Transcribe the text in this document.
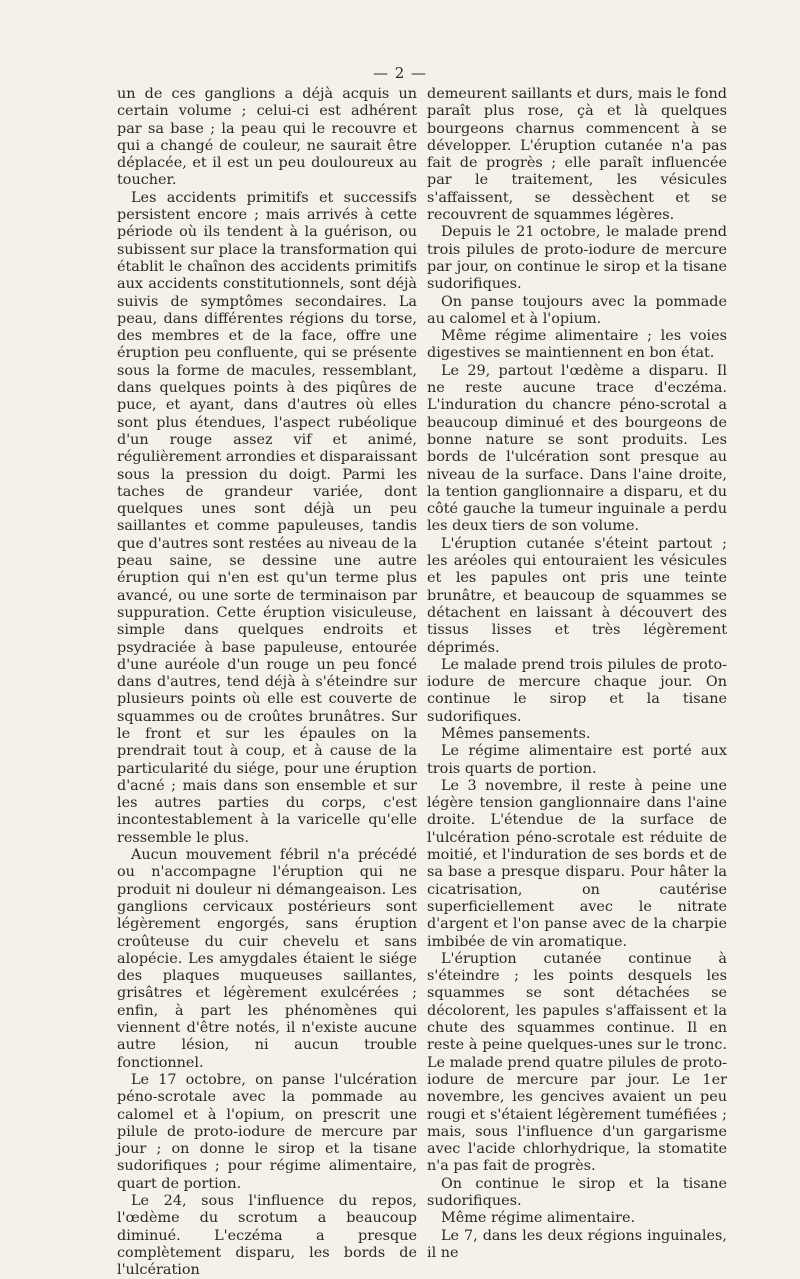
— 2 —

un de ces ganglions a déjà acquis un certain volume ; celui-ci est adhérent par sa base ; la peau qui le recouvre et qui a changé de couleur, ne saurait être déplacée, et il est un peu douloureux au toucher.

Les accidents primitifs et successifs persistent encore ; mais arrivés à cette période où ils tendent à la guérison, ou subissent sur place la transformation qui établit le chaînon des accidents primitifs aux accidents constitutionnels, sont déjà suivis de symptômes secondaires. La peau, dans différentes régions du torse, des membres et de la face, offre une éruption peu confluente, qui se présente sous la forme de macules, ressemblant, dans quelques points à des piqûres de puce, et ayant, dans d'autres où elles sont plus étendues, l'aspect rubéolique d'un rouge assez vif et animé, régulièrement arrondies et disparaissant sous la pression du doigt. Parmi les taches de grandeur variée, dont quelques unes sont déjà un peu saillantes et comme papuleuses, tandis que d'autres sont restées au niveau de la peau saine, se dessine une autre éruption qui n'en est qu'un terme plus avancé, ou une sorte de terminaison par suppuration. Cette éruption visiculeuse, simple dans quelques endroits et psydraciée à base papuleuse, entourée d'une auréole d'un rouge un peu foncé dans d'autres, tend déjà à s'éteindre sur plusieurs points où elle est couverte de squammes ou de croûtes brunâtres. Sur le front et sur les épaules on la prendrait tout à coup, et à cause de la particularité du siége, pour une éruption d'acné ; mais dans son ensemble et sur les autres parties du corps, c'est incontestablement à la varicelle qu'elle ressemble le plus.

Aucun mouvement fébril n'a précédé ou n'accompagne l'éruption qui ne produit ni douleur ni démangeaison. Les ganglions cervicaux postérieurs sont légèrement engorgés, sans éruption croûteuse du cuir chevelu et sans alopécie. Les amygdales étaient le siége des plaques muqueuses saillantes, grisâtres et légèrement exulcérées ; enfin, à part les phénomènes qui viennent d'être notés, il n'existe aucune autre lésion, ni aucun trouble fonctionnel.

Le 17 octobre, on panse l'ulcération péno-scrotale avec la pommade au calomel et à l'opium, on prescrit une pilule de proto-iodure de mercure par jour ; on donne le sirop et la tisane sudorifiques ; pour régime alimentaire, quart de portion.

Le 24, sous l'influence du repos, l'œdème du scrotum a beaucoup diminué. L'eczéma a presque complètement disparu, les bords de l'ulcération

demeurent saillants et durs, mais le fond paraît plus rose, çà et là quelques bourgeons charnus commencent à se développer. L'éruption cutanée n'a pas fait de progrès ; elle paraît influencée par le traitement, les vésicules s'affaissent, se dessèchent et se recouvrent de squammes légères.

Depuis le 21 octobre, le malade prend trois pilules de proto-iodure de mercure par jour, on continue le sirop et la tisane sudorifiques.

On panse toujours avec la pommade au calomel et à l'opium.

Même régime alimentaire ; les voies digestives se maintiennent en bon état.

Le 29, partout l'œdème a disparu. Il ne reste aucune trace d'eczéma. L'induration du chancre péno-scrotal a beaucoup diminué et des bourgeons de bonne nature se sont produits. Les bords de l'ulcération sont presque au niveau de la surface. Dans l'aine droite, la tention ganglionnaire a disparu, et du côté gauche la tumeur inguinale a perdu les deux tiers de son volume.

L'éruption cutanée s'éteint partout ; les aréoles qui entouraient les vésicules et les papules ont pris une teinte brunâtre, et beaucoup de squammes se détachent en laissant à découvert des tissus lisses et très légèrement déprimés.

Le malade prend trois pilules de proto-iodure de mercure chaque jour. On continue le sirop et la tisane sudorifiques.

Mêmes pansements.

Le régime alimentaire est porté aux trois quarts de portion.

Le 3 novembre, il reste à peine une légère tension ganglionnaire dans l'aine droite. L'étendue de la surface de l'ulcération péno-scrotale est réduite de moitié, et l'induration de ses bords et de sa base a presque disparu. Pour hâter la cicatrisation, on cautérise superficiellement avec le nitrate d'argent et l'on panse avec de la charpie imbibée de vin aromatique.

L'éruption cutanée continue à s'éteindre ; les points desquels les squammes se sont détachées se décolorent, les papules s'affaissent et la chute des squammes continue. Il en reste à peine quelques-unes sur le tronc. Le malade prend quatre pilules de proto-iodure de mercure par jour. Le 1er novembre, les gencives avaient un peu rougi et s'étaient légèrement tuméfiées ; mais, sous l'influence d'un gargarisme avec l'acide chlorhydrique, la stomatite n'a pas fait de progrès.

On continue le sirop et la tisane sudorifiques.

Même régime alimentaire.

Le 7, dans les deux régions inguinales, il ne
